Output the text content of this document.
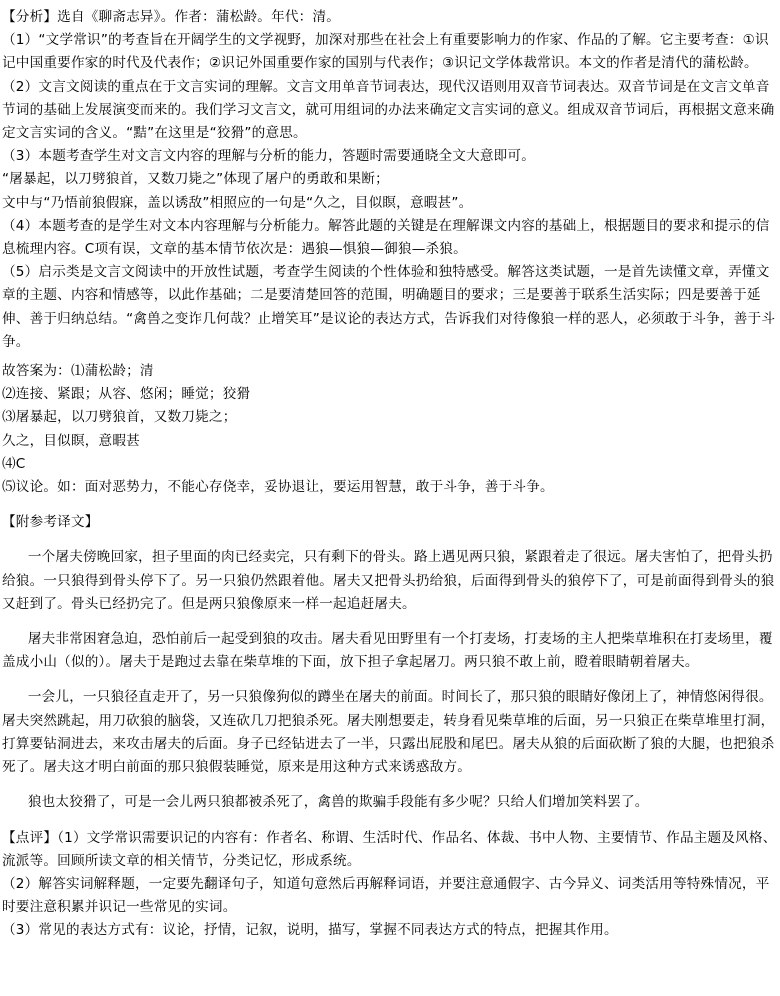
【分析】选自《聊斋志异》。作者：蒲松龄。年代：清。

（1）“文学常识”的考查旨在开阔学生的文学视野，加深对那些在社会上有重要影响力的作家、作品的了解。它主要考查：①识记中国重要作家的时代及代表作；②识记外国重要作家的国别与代表作；③识记文学体裁常识。本文的作者是清代的蒲松龄。

（2）文言文阅读的重点在于文言实词的理解。文言文用单音节词表达，现代汉语则用双音节词表达。双音节词是在文言文单音节词的基础上发展演变而来的。我们学习文言文，就可用组词的办法来确定文言实词的意义。组成双音节词后，再根据文意来确定文言实词的含义。“黠”在这里是“狡猾”的意思。

（3）本题考查学生对文言文内容的理解与分析的能力，答题时需要通晓全文大意即可。

“屠暴起，以刀劈狼首，又数刀毙之”体现了屠户的勇敢和果断；

文中与“乃悟前狼假寐，盖以诱敌”相照应的一句是“久之，目似瞑，意暇甚”。

（4）本题考查的是学生对文本内容理解与分析能力。解答此题的关键是在理解课文内容的基础上，根据题目的要求和提示的信息梳理内容。C项有误，文章的基本情节依次是：遇狼—惧狼—御狼—杀狼。

（5）启示类是文言文阅读中的开放性试题，考查学生阅读的个性体验和独特感受。解答这类试题，一是首先读懂文章，弄懂文章的主题、内容和情感等，以此作基础；二是要清楚回答的范围，明确题目的要求；三是要善于联系生活实际；四是要善于延伸、善于归纳总结。“禽兽之变诈几何哉？止增笑耳”是议论的表达方式，告诉我们对待像狼一样的恶人，必须敢于斗争，善于斗争。

故答案为：⑴蒲松龄；清

⑵连接、紧跟；从容、悠闲；睡觉；狡猾

⑶屠暴起，以刀劈狼首，又数刀毙之；

久之，目似瞑，意暇甚

⑷C

⑸议论。如：面对恶势力，不能心存侥幸，妥协退让，要运用智慧，敢于斗争，善于斗争。

【附参考译文】

一个屠夫傍晚回家，担子里面的肉已经卖完，只有剩下的骨头。路上遇见两只狼，紧跟着走了很远。屠夫害怕了，把骨头扔给狼。一只狼得到骨头停下了。另一只狼仍然跟着他。屠夫又把骨头扔给狼，后面得到骨头的狼停下了，可是前面得到骨头的狼又赶到了。骨头已经扔完了。但是两只狼像原来一样一起追赶屠夫。

屠夫非常困窘急迫，恐怕前后一起受到狼的攻击。屠夫看见田野里有一个打麦场，打麦场的主人把柴草堆积在打麦场里，覆盖成小山（似的）。屠夫于是跑过去靠在柴草堆的下面，放下担子拿起屠刀。两只狼不敢上前，瞪着眼睛朝着屠夫。

一会儿，一只狼径直走开了，另一只狼像狗似的蹲坐在屠夫的前面。时间长了，那只狼的眼睛好像闭上了，神情悠闲得很。屠夫突然跳起，用刀砍狼的脑袋，又连砍几刀把狼杀死。屠夫刚想要走，转身看见柴草堆的后面，另一只狼正在柴草堆里打洞，打算要钻洞进去，来攻击屠夫的后面。身子已经钻进去了一半，只露出屁股和尾巴。屠夫从狼的后面砍断了狼的大腿，也把狼杀死了。屠夫这才明白前面的那只狼假装睡觉，原来是用这种方式来诱惑敌方。

狼也太狡猾了，可是一会儿两只狼都被杀死了，禽兽的欺骗手段能有多少呢？只给人们增加笑料罢了。

【点评】（1）文学常识需要识记的内容有：作者名、称谓、生活时代、作品名、体裁、书中人物、主要情节、作品主题及风格、流派等。回顾所读文章的相关情节，分类记忆，形成系统。

（2）解答实词解释题，一定要先翻译句子，知道句意然后再解释词语，并要注意通假字、古今异义、词类活用等特殊情况，平时要注意积累并识记一些常见的实词。

（3）常见的表达方式有：议论，抒情，记叙，说明，描写，掌握不同表达方式的特点，把握其作用。
